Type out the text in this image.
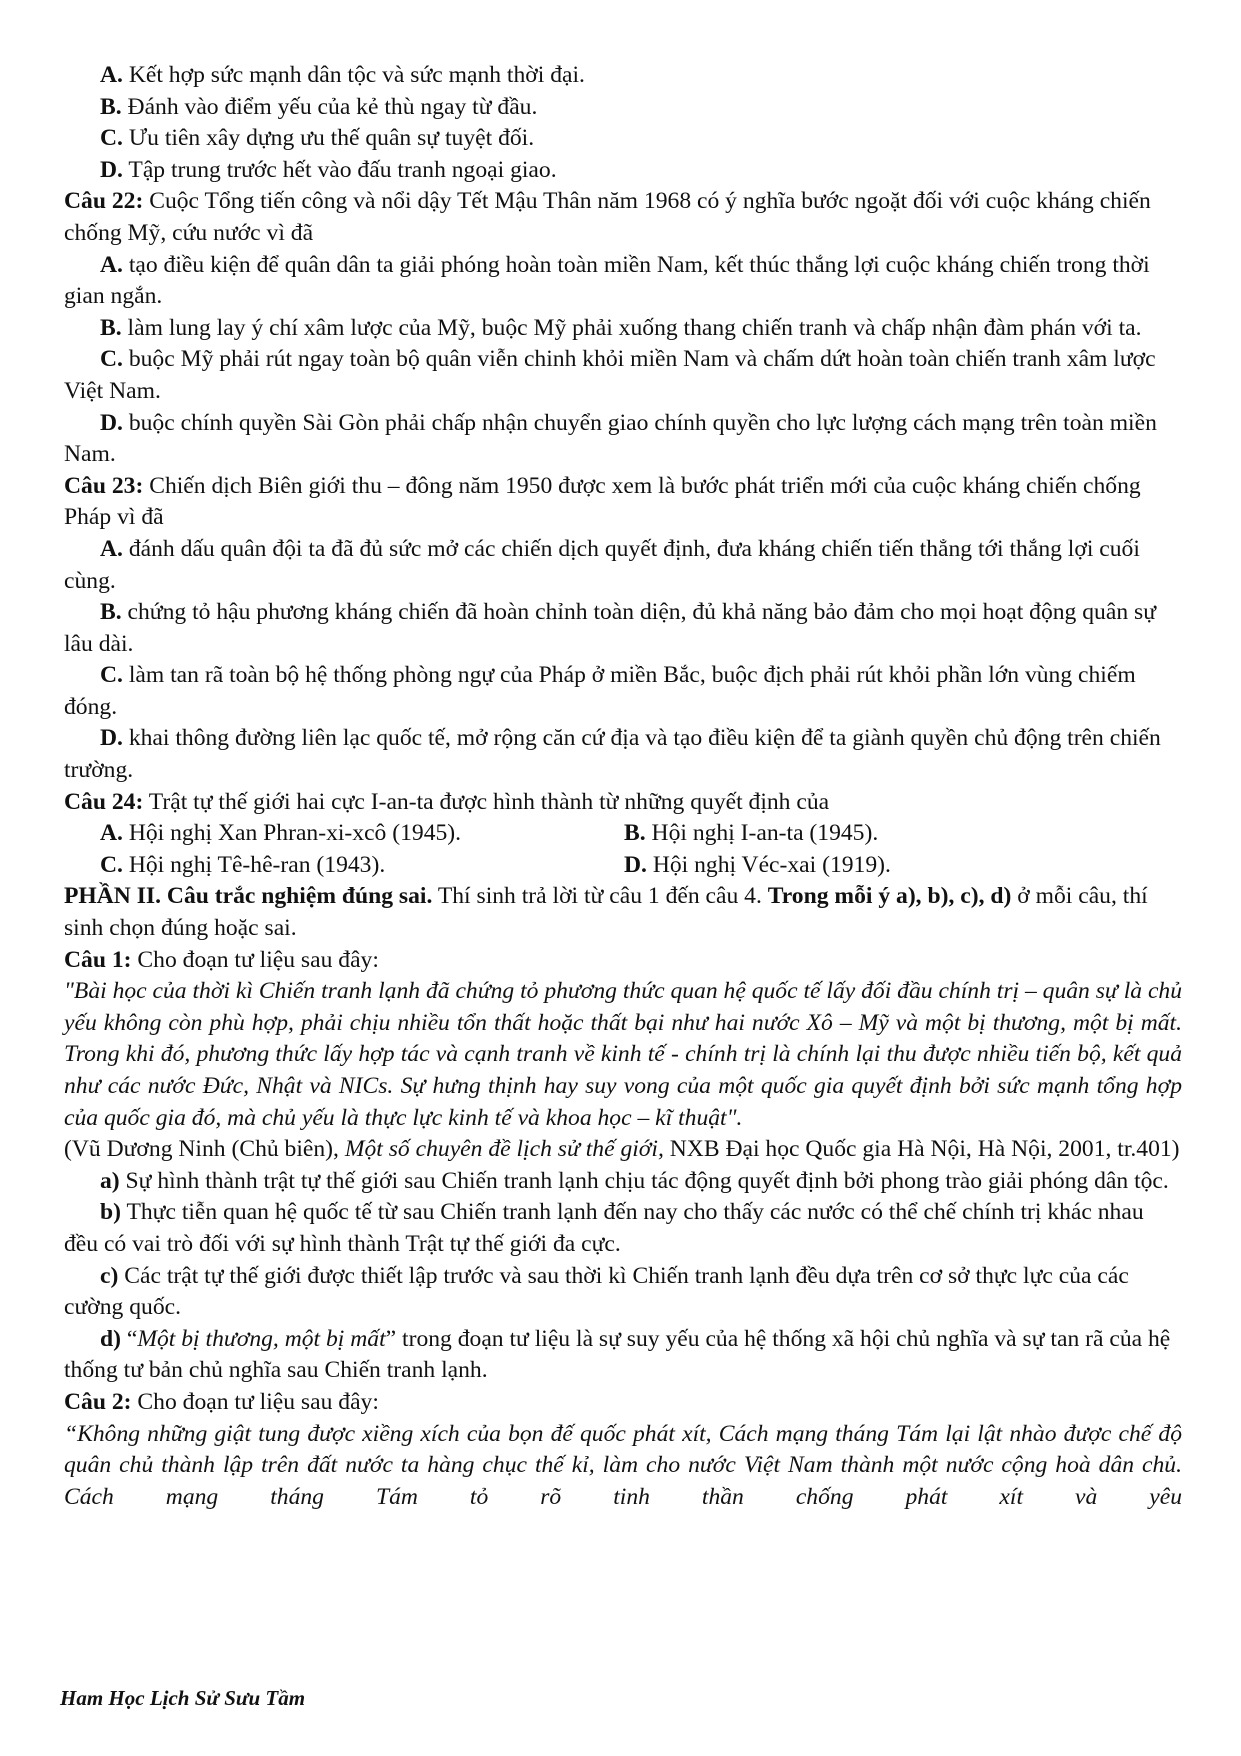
A. Kết hợp sức mạnh dân tộc và sức mạnh thời đại.

B. Đánh vào điểm yếu của kẻ thù ngay từ đầu.

C. Ưu tiên xây dựng ưu thế quân sự tuyệt đối.

D. Tập trung trước hết vào đấu tranh ngoại giao.

Câu 22: Cuộc Tổng tiến công và nổi dậy Tết Mậu Thân năm 1968 có ý nghĩa bước ngoặt đối với cuộc kháng chiến chống Mỹ, cứu nước vì đã

A. tạo điều kiện để quân dân ta giải phóng hoàn toàn miền Nam, kết thúc thắng lợi cuộc kháng chiến trong thời gian ngắn.

B. làm lung lay ý chí xâm lược của Mỹ, buộc Mỹ phải xuống thang chiến tranh và chấp nhận đàm phán với ta.

C. buộc Mỹ phải rút ngay toàn bộ quân viễn chinh khỏi miền Nam và chấm dứt hoàn toàn chiến tranh xâm lược Việt Nam.

D. buộc chính quyền Sài Gòn phải chấp nhận chuyển giao chính quyền cho lực lượng cách mạng trên toàn miền Nam.

Câu 23: Chiến dịch Biên giới thu – đông năm 1950 được xem là bước phát triển mới của cuộc kháng chiến chống Pháp vì đã

A. đánh dấu quân đội ta đã đủ sức mở các chiến dịch quyết định, đưa kháng chiến tiến thẳng tới thắng lợi cuối cùng.

B. chứng tỏ hậu phương kháng chiến đã hoàn chỉnh toàn diện, đủ khả năng bảo đảm cho mọi hoạt động quân sự lâu dài.

C. làm tan rã toàn bộ hệ thống phòng ngự của Pháp ở miền Bắc, buộc địch phải rút khỏi phần lớn vùng chiếm đóng.

D. khai thông đường liên lạc quốc tế, mở rộng căn cứ địa và tạo điều kiện để ta giành quyền chủ động trên chiến trường.

Câu 24: Trật tự thế giới hai cực I-an-ta được hình thành từ những quyết định của

A. Hội nghị Xan Phran-xi-xcô (1945).	B. Hội nghị I-an-ta (1945).
C. Hội nghị Tê-hê-ran (1943).	D. Hội nghị Véc-xai (1919).

PHẦN II. Câu trắc nghiệm đúng sai. Thí sinh trả lời từ câu 1 đến câu 4. Trong mỗi ý a), b), c), d) ở mỗi câu, thí sinh chọn đúng hoặc sai.

Câu 1: Cho đoạn tư liệu sau đây:

"Bài học của thời kì Chiến tranh lạnh đã chứng tỏ phương thức quan hệ quốc tế lấy đối đầu chính trị – quân sự là chủ yếu không còn phù hợp, phải chịu nhiều tổn thất hoặc thất bại như hai nước Xô – Mỹ và một bị thương, một bị mất. Trong khi đó, phương thức lấy hợp tác và cạnh tranh về kinh tế - chính trị là chính lại thu được nhiều tiến bộ, kết quả như các nước Đức, Nhật và NICs. Sự hưng thịnh hay suy vong của một quốc gia quyết định bởi sức mạnh tổng hợp của quốc gia đó, mà chủ yếu là thực lực kinh tế và khoa học – kĩ thuật".

(Vũ Dương Ninh (Chủ biên), Một số chuyên đề lịch sử thế giới, NXB Đại học Quốc gia Hà Nội, Hà Nội, 2001, tr.401)

a) Sự hình thành trật tự thế giới sau Chiến tranh lạnh chịu tác động quyết định bởi phong trào giải phóng dân tộc.

b) Thực tiễn quan hệ quốc tế từ sau Chiến tranh lạnh đến nay cho thấy các nước có thể chế chính trị khác nhau đều có vai trò đối với sự hình thành Trật tự thế giới đa cực.

c) Các trật tự thế giới được thiết lập trước và sau thời kì Chiến tranh lạnh đều dựa trên cơ sở thực lực của các cường quốc.

d) “Một bị thương, một bị mất” trong đoạn tư liệu là sự suy yếu của hệ thống xã hội chủ nghĩa và sự tan rã của hệ thống tư bản chủ nghĩa sau Chiến tranh lạnh.

Câu 2: Cho đoạn tư liệu sau đây:

“Không những giật tung được xiềng xích của bọn đế quốc phát xít, Cách mạng tháng Tám lại lật nhào được chế độ quân chủ thành lập trên đất nước ta hàng chục thế kỉ, làm cho nước Việt Nam thành một nước cộng hoà dân chủ. Cách mạng tháng Tám tỏ rõ tinh thần chống phát xít và yêu

Ham Học Lịch Sử Sưu Tầm
